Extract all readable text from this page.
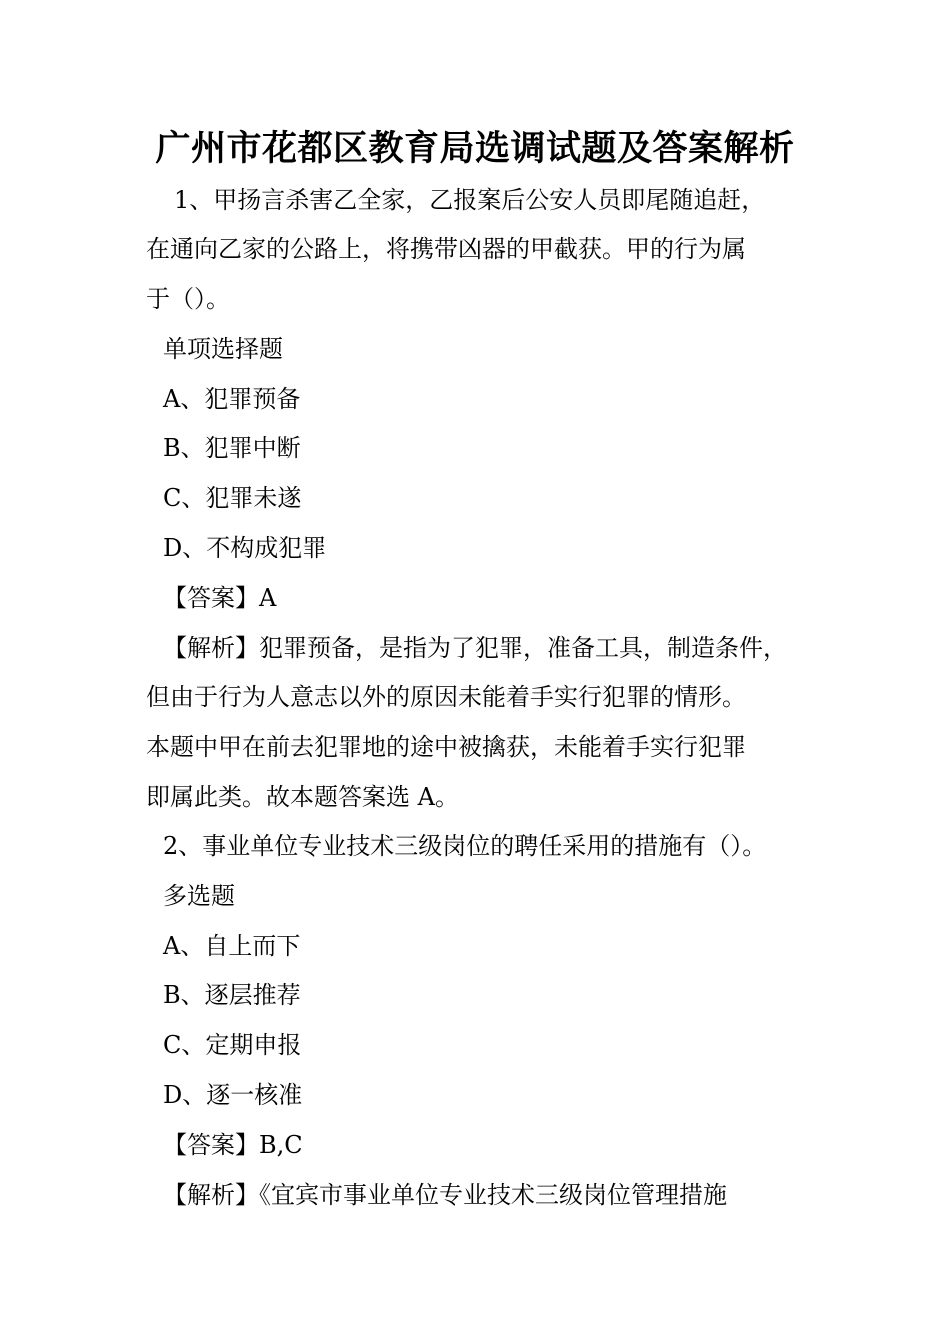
广州市花都区教育局选调试题及答案解析
1、甲扬言杀害乙全家，乙报案后公安人员即尾随追赶，
在通向乙家的公路上，将携带凶器的甲截获。甲的行为属
于（）。
单项选择题
A、犯罪预备
B、犯罪中断
C、犯罪未遂
D、不构成犯罪
【答案】A
【解析】犯罪预备，是指为了犯罪，准备工具，制造条件，
但由于行为人意志以外的原因未能着手实行犯罪的情形。
本题中甲在前去犯罪地的途中被擒获，未能着手实行犯罪
即属此类。故本题答案选 A。
2、事业单位专业技术三级岗位的聘任采用的措施有（）。
多选题
A、自上而下
B、逐层推荐
C、定期申报
D、逐一核准
【答案】B,C
【解析】《宜宾市事业单位专业技术三级岗位管理措施
